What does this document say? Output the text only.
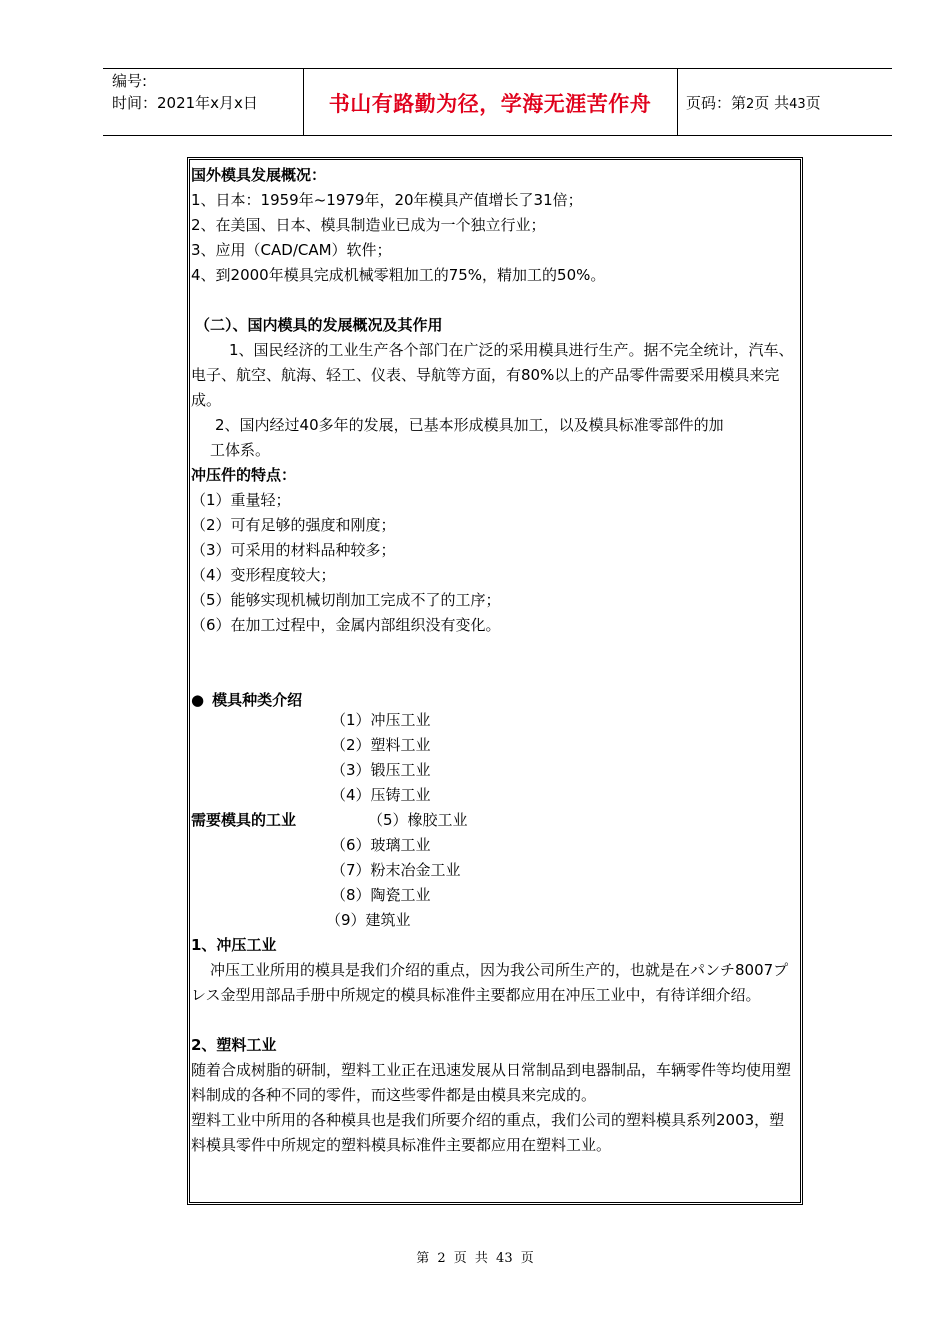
编号:
时间：2021年x月x日	书山有路勤为径，学海无涯苦作舟	页码：第2页 共43页

国外模具发展概况：

1、日本：1959年~1979年，20年模具产值增长了31倍；

2、在美国、日本、模具制造业已成为一个独立行业；

3、应用（CAD/CAM）软件；

4、到2000年模具完成机械零粗加工的75%，精加工的50%。

（二）、国内模具的发展概况及其作用

1、国民经济的工业生产各个部门在广泛的采用模具进行生产。据不完全统计，汽车、电子、航空、航海、轻工、仪表、导航等方面，有80%以上的产品零件需要采用模具来完成。

2、国内经过40多年的发展，已基本形成模具加工，以及模具标准零部件的加

工体系。

冲压件的特点：

（1）重量轻；

（2）可有足够的强度和刚度；

（3）可采用的材料品种较多；

（4）变形程度较大；

（5）能够实现机械切削加工完成不了的工序；

（6）在加工过程中，金属内部组织没有变化。

● 模具种类介绍

（1）冲压工业
（2）塑料工业
（3）锻压工业
（4）压铸工业
（5）橡胶工业
（6）玻璃工业
（7）粉末冶金工业
（8）陶瓷工业
（9）建筑业
需要模具的工业

1、冲压工业

冲压工业所用的模具是我们介绍的重点，因为我公司所生产的，也就是在パンチ8007プレス金型用部品手册中所规定的模具标准件主要都应用在冲压工业中，有待详细介绍。

2、塑料工业

随着合成树脂的研制，塑料工业正在迅速发展从日常制品到电器制品，车辆零件等均使用塑料制成的各种不同的零件，而这些零件都是由模具来完成的。

塑料工业中所用的各种模具也是我们所要介绍的重点，我们公司的塑料模具系列2003，塑料模具零件中所规定的塑料模具标准件主要都应用在塑料工业。

第 2 页 共 43 页
